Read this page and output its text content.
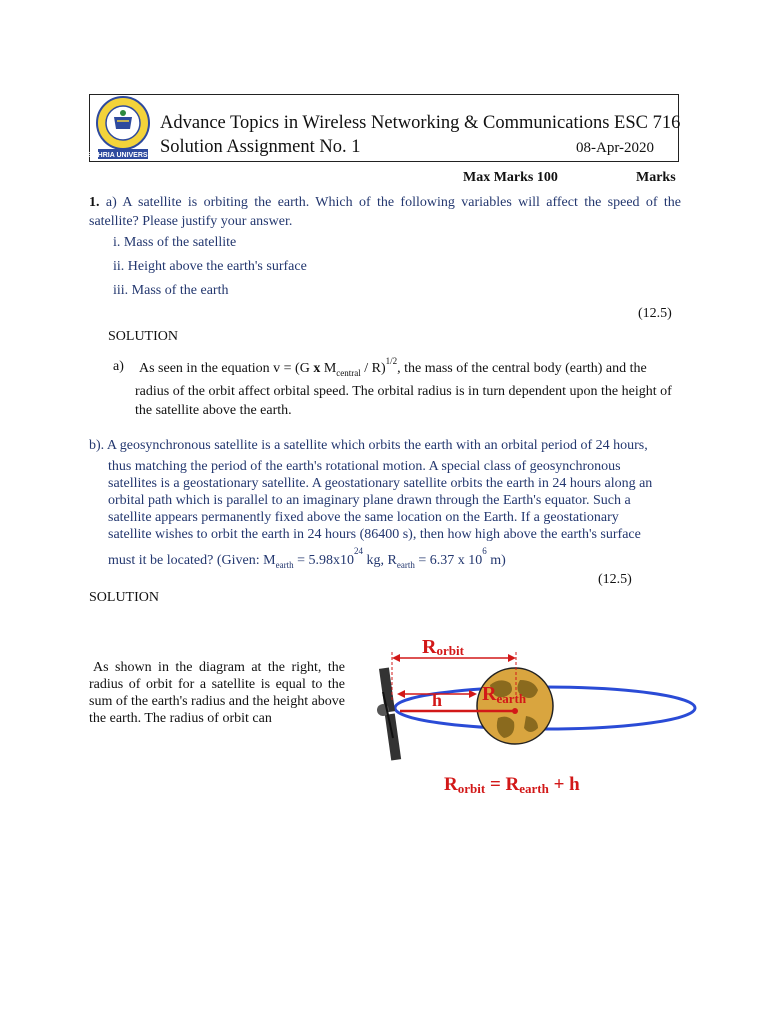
BAHRIA UNIVERSITY
Advance Topics in Wireless Networking & Communications ESC 716
Solution Assignment No. 1	08-Apr-2020
Max Marks 100	Marks
1. a) A satellite is orbiting the earth. Which of the following variables will affect the speed of the satellite? Please justify your answer.
i. Mass of the satellite
ii. Height above the earth's surface
iii. Mass of the earth
(12.5)
SOLUTION
a) As seen in the equation v = (G x $M_{central} / R)^{1/2}$, the mass of the central body (earth) and the
radius of the orbit affect orbital speed. The orbital radius is in turn dependent upon the height of the satellite above the earth.
b). A geosynchronous satellite is a satellite which orbits the earth with an orbital period of 24 hours,
thus matching the period of the earth's rotational motion. A special class of geosynchronous
satellites is a geostationary satellite. A geostationary satellite orbits the earth in 24 hours along an
orbital path which is parallel to an imaginary plane drawn through the Earth's equator. Such a
satellite appears permanently fixed above the same location on the Earth. If a geostationary
satellite wishes to orbit the earth in 24 hours (86400 s), then how high above the earth's surface
must it be located? (Given: $M_{earth} = 5.98x10^{24}$ kg, $R_{earth} = 6.37$ x $10^6$ m)
(12.5)
SOLUTION
As shown in the diagram at the right, the radius of orbit for a satellite is equal to the sum of the earth's radius and the height above the earth. The radius of orbit can
Rorbit
h Rearth
Rorbit = Rearth + h
